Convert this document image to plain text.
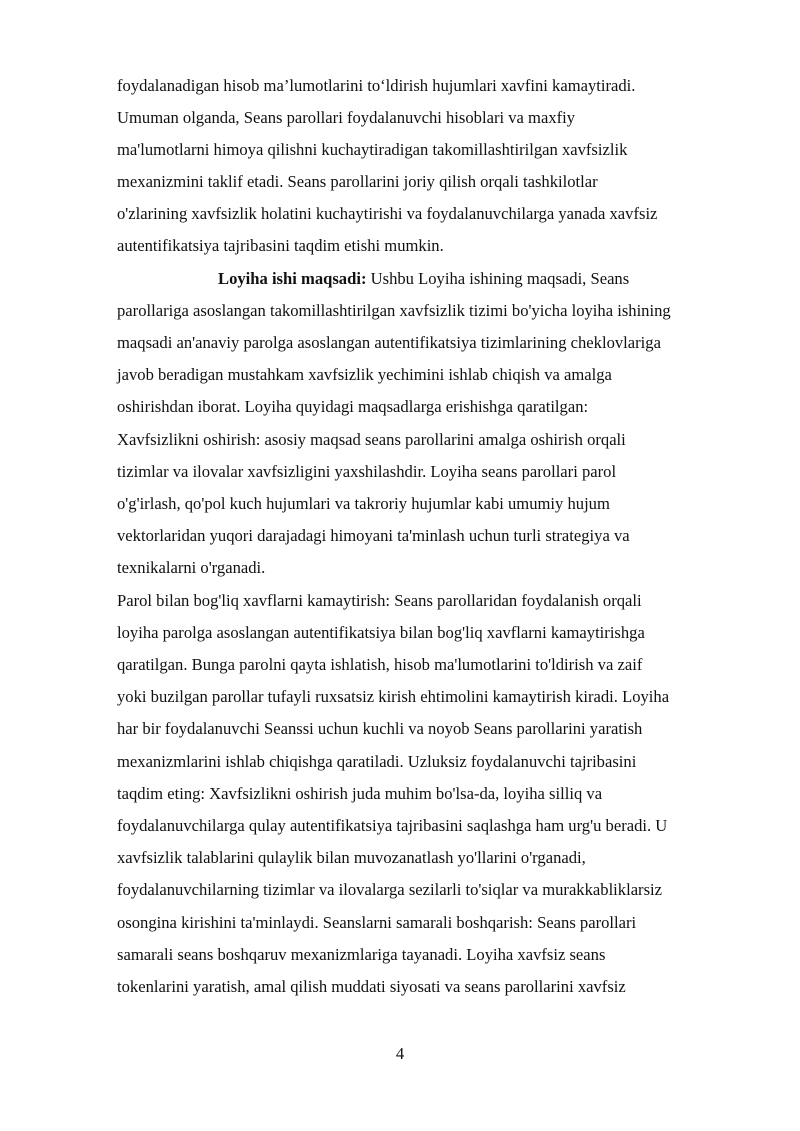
foydalanadigan hisob ma’lumotlarini to‘ldirish hujumlari xavfini kamaytiradi.
Umuman olganda, Seans parollari foydalanuvchi hisoblari va maxfiy
ma'lumotlarni himoya qilishni kuchaytiradigan takomillashtirilgan xavfsizlik
mexanizmini taklif etadi. Seans parollarini joriy qilish orqali tashkilotlar
o'zlarining xavfsizlik holatini kuchaytirishi va foydalanuvchilarga yanada xavfsiz
autentifikatsiya tajribasini taqdim etishi mumkin.
Loyiha ishi maqsadi: Ushbu Loyiha ishining maqsadi, Seans
parollariga asoslangan takomillashtirilgan xavfsizlik tizimi bo'yicha loyiha ishining
maqsadi an'anaviy parolga asoslangan autentifikatsiya tizimlarining cheklovlariga
javob beradigan mustahkam xavfsizlik yechimini ishlab chiqish va amalga
oshirishdan iborat. Loyiha quyidagi maqsadlarga erishishga qaratilgan:
Xavfsizlikni oshirish: asosiy maqsad seans parollarini amalga oshirish orqali
tizimlar va ilovalar xavfsizligini yaxshilashdir. Loyiha seans parollari parol
o'g'irlash, qo'pol kuch hujumlari va takroriy hujumlar kabi umumiy hujum
vektorlaridan yuqori darajadagi himoyani ta'minlash uchun turli strategiya va
texnikalarni o'rganadi.
Parol bilan bog'liq xavflarni kamaytirish: Seans parollaridan foydalanish orqali
loyiha parolga asoslangan autentifikatsiya bilan bog'liq xavflarni kamaytirishga
qaratilgan. Bunga parolni qayta ishlatish, hisob ma'lumotlarini to'ldirish va zaif
yoki buzilgan parollar tufayli ruxsatsiz kirish ehtimolini kamaytirish kiradi. Loyiha
har bir foydalanuvchi Seanssi uchun kuchli va noyob Seans parollarini yaratish
mexanizmlarini ishlab chiqishga qaratiladi. Uzluksiz foydalanuvchi tajribasini
taqdim eting: Xavfsizlikni oshirish juda muhim bo'lsa-da, loyiha silliq va
foydalanuvchilarga qulay autentifikatsiya tajribasini saqlashga ham urg'u beradi. U
xavfsizlik talablarini qulaylik bilan muvozanatlash yo'llarini o'rganadi,
foydalanuvchilarning tizimlar va ilovalarga sezilarli to'siqlar va murakkabliklarsiz
osongina kirishini ta'minlaydi. Seanslarni samarali boshqarish: Seans parollari
samarali seans boshqaruv mexanizmlariga tayanadi. Loyiha xavfsiz seans
tokenlarini yaratish, amal qilish muddati siyosati va seans parollarini xavfsiz
4
